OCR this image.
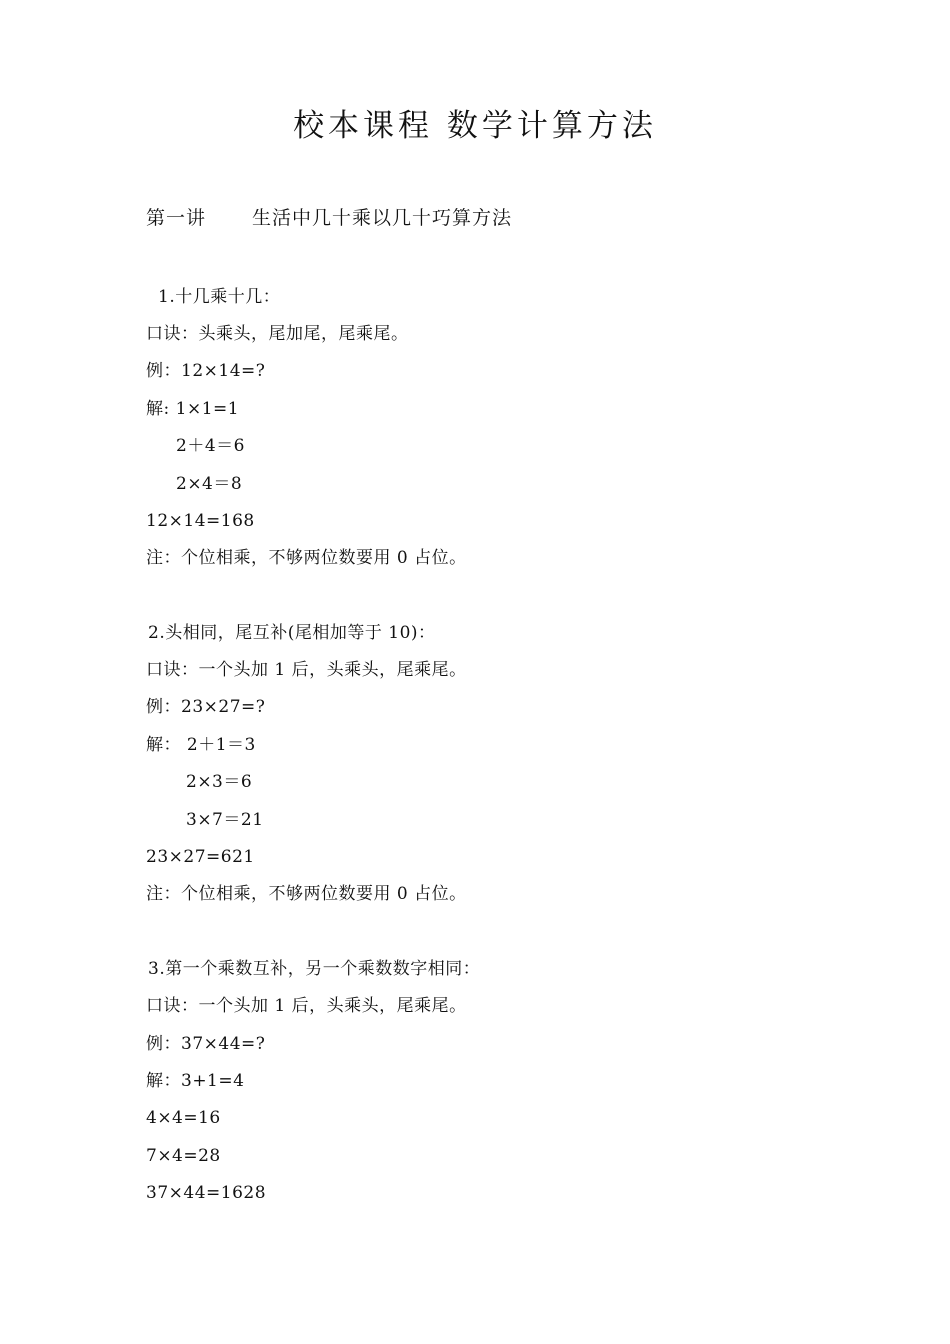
校本课程 数学计算方法
第一讲 生活中几十乘以几十巧算方法
1.十几乘十几：
口诀：头乘头，尾加尾，尾乘尾。
例：12×14=?
解: 1×1=1
2＋4＝6
2×4＝8
12×14=168
注：个位相乘，不够两位数要用 0 占位。
2.头相同，尾互补(尾相加等于 10)：
口诀：一个头加 1 后，头乘头，尾乘尾。
例：23×27=?
解： 2＋1＝3
2×3＝6
3×7＝21
23×27=621
注：个位相乘，不够两位数要用 0 占位。
3.第一个乘数互补，另一个乘数数字相同：
口诀：一个头加 1 后，头乘头，尾乘尾。
例：37×44=?
解：3+1=4
4×4=16
7×4=28
37×44=1628
